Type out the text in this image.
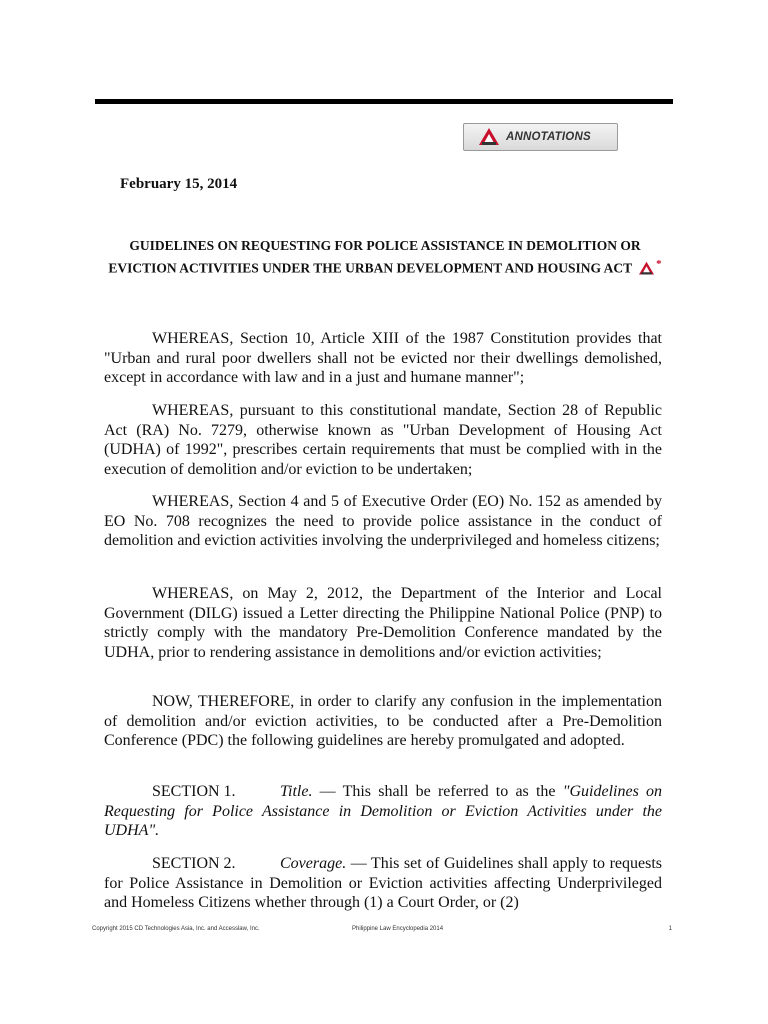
ANNOTATIONS

February 15, 2014

GUIDELINES ON REQUESTING FOR POLICE ASSISTANCE IN DEMOLITION OR EVICTION ACTIVITIES UNDER THE URBAN DEVELOPMENT AND HOUSING ACT *

WHEREAS, Section 10, Article XIII of the 1987 Constitution provides that "Urban and rural poor dwellers shall not be evicted nor their dwellings demolished, except in accordance with law and in a just and humane manner";

WHEREAS, pursuant to this constitutional mandate, Section 28 of Republic Act (RA) No. 7279, otherwise known as "Urban Development of Housing Act (UDHA) of 1992", prescribes certain requirements that must be complied with in the execution of demolition and/or eviction to be undertaken;

WHEREAS, Section 4 and 5 of Executive Order (EO) No. 152 as amended by EO No. 708 recognizes the need to provide police assistance in the conduct of demolition and eviction activities involving the underprivileged and homeless citizens;

WHEREAS, on May 2, 2012, the Department of the Interior and Local Government (DILG) issued a Letter directing the Philippine National Police (PNP) to strictly comply with the mandatory Pre-Demolition Conference mandated by the UDHA, prior to rendering assistance in demolitions and/or eviction activities;

NOW, THEREFORE, in order to clarify any confusion in the implementation of demolition and/or eviction activities, to be conducted after a Pre-Demolition Conference (PDC) the following guidelines are hereby promulgated and adopted.

SECTION 1.	Title. — This shall be referred to as the "Guidelines on Requesting for Police Assistance in Demolition or Eviction Activities under the UDHA".

SECTION 2.	Coverage. — This set of Guidelines shall apply to requests for Police Assistance in Demolition or Eviction activities affecting Underprivileged and Homeless Citizens whether through (1) a Court Order, or (2)

Copyright 2015 CD Technologies Asia, Inc. and Accesslaw, Inc.	Philippine Law Encyclopedia 2014	1
